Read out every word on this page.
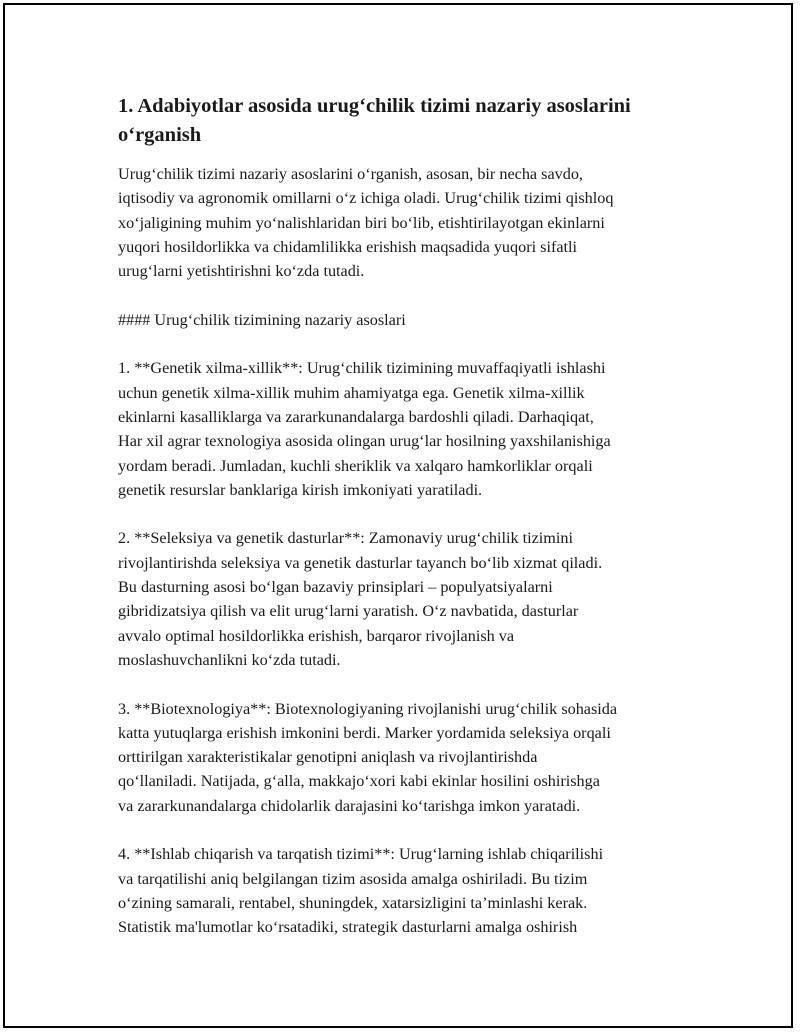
1. Adabiyotlar asosida urug‘chilik tizimi nazariy asoslarini
o‘rganish

Urug‘chilik tizimi nazariy asoslarini o‘rganish, asosan, bir necha savdo,
iqtisodiy va agronomik omillarni o‘z ichiga oladi. Urug‘chilik tizimi qishloq
xo‘jaligining muhim yo‘nalishlaridan biri bo‘lib, etishtirilayotgan ekinlarni
yuqori hosildorlikka va chidamlilikka erishish maqsadida yuqori sifatli
urug‘larni yetishtirishni ko‘zda tutadi.

#### Urug‘chilik tizimining nazariy asoslari

1. **Genetik xilma-xillik**: Urug‘chilik tizimining muvaffaqiyatli ishlashi
uchun genetik xilma-xillik muhim ahamiyatga ega. Genetik xilma-xillik
ekinlarni kasalliklarga va zararkunandalarga bardoshli qiladi. Darhaqiqat,
Har xil agrar texnologiya asosida olingan urug‘lar hosilning yaxshilanishiga
yordam beradi. Jumladan, kuchli sheriklik va xalqaro hamkorliklar orqali
genetik resurslar banklariga kirish imkoniyati yaratiladi.

2. **Seleksiya va genetik dasturlar**: Zamonaviy urug‘chilik tizimini
rivojlantirishda seleksiya va genetik dasturlar tayanch bo‘lib xizmat qiladi.
Bu dasturning asosi bo‘lgan bazaviy prinsiplari – populyatsiyalarni
gibridizatsiya qilish va elit urug‘larni yaratish. O‘z navbatida, dasturlar
avvalo optimal hosildorlikka erishish, barqaror rivojlanish va
moslashuvchanlikni ko‘zda tutadi.

3. **Biotexnologiya**: Biotexnologiyaning rivojlanishi urug‘chilik sohasida
katta yutuqlarga erishish imkonini berdi. Marker yordamida seleksiya orqali
orttirilgan xarakteristikalar genotipni aniqlash va rivojlantirishda
qo‘llaniladi. Natijada, g‘alla, makkajo‘xori kabi ekinlar hosilini oshirishga
va zararkunandalarga chidolarlik darajasini ko‘tarishga imkon yaratadi.

4. **Ishlab chiqarish va tarqatish tizimi**: Urug‘larning ishlab chiqarilishi
va tarqatilishi aniq belgilangan tizim asosida amalga oshiriladi. Bu tizim
o‘zining samarali, rentabel, shuningdek, xatarsizligini ta’minlashi kerak.
Statistik ma'lumotlar ko‘rsatadiki, strategik dasturlarni amalga oshirish
